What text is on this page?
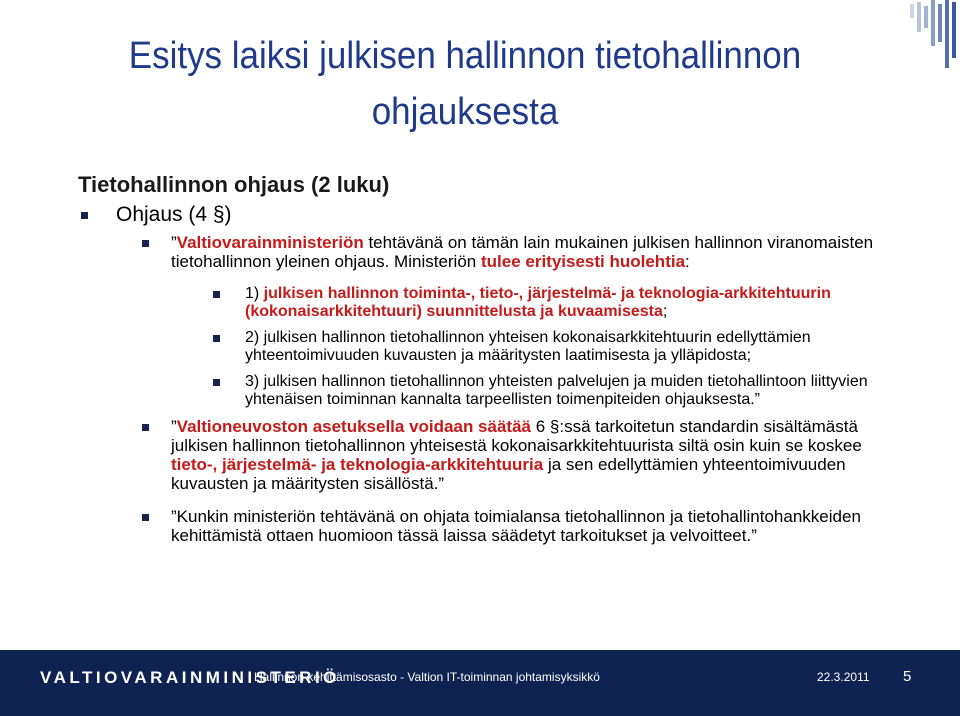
Esitys laiksi julkisen hallinnon tietohallinnon ohjauksesta

Tietohallinnon ohjaus (2 luku)

Ohjaus (4 §)

”Valtiovarainministeriön tehtävänä on tämän lain mukainen julkisen hallinnon viranomaisten tietohallinnon yleinen ohjaus. Ministeriön tulee erityisesti huolehtia:

1) julkisen hallinnon toiminta-, tieto-, järjestelmä- ja teknologia-arkkitehtuurin (kokonaisarkkitehtuuri) suunnittelusta ja kuvaamisesta;

2) julkisen hallinnon tietohallinnon yhteisen kokonaisarkkitehtuurin edellyttämien yhteentoimivuuden kuvausten ja määritysten laatimisesta ja ylläpidosta;

3) julkisen hallinnon tietohallinnon yhteisten palvelujen ja muiden tietohallintoon liittyvien yhtenäisen toiminnan kannalta tarpeellisten toimenpiteiden ohjauksesta.”

”Valtioneuvoston asetuksella voidaan säätää 6 §:ssä tarkoitetun standardin sisältämästä julkisen hallinnon tietohallinnon yhteisestä kokonaisarkkitehtuurista siltä osin kuin se koskee tieto-, järjestelmä- ja teknologia-arkkitehtuuria ja sen edellyttämien yhteentoimivuuden kuvausten ja määritysten sisällöstä.”

”Kunkin ministeriön tehtävänä on ohjata toimialansa tietohallinnon ja tietohallintohankkeiden kehittämistä ottaen huomioon tässä laissa säädetyt tarkoitukset ja velvoitteet.”

VALTIOVARAINMINISTERIÖ
Hallinnon kehittämisosasto - Valtion IT-toiminnan johtamisyksikkö	22.3.2011 5
